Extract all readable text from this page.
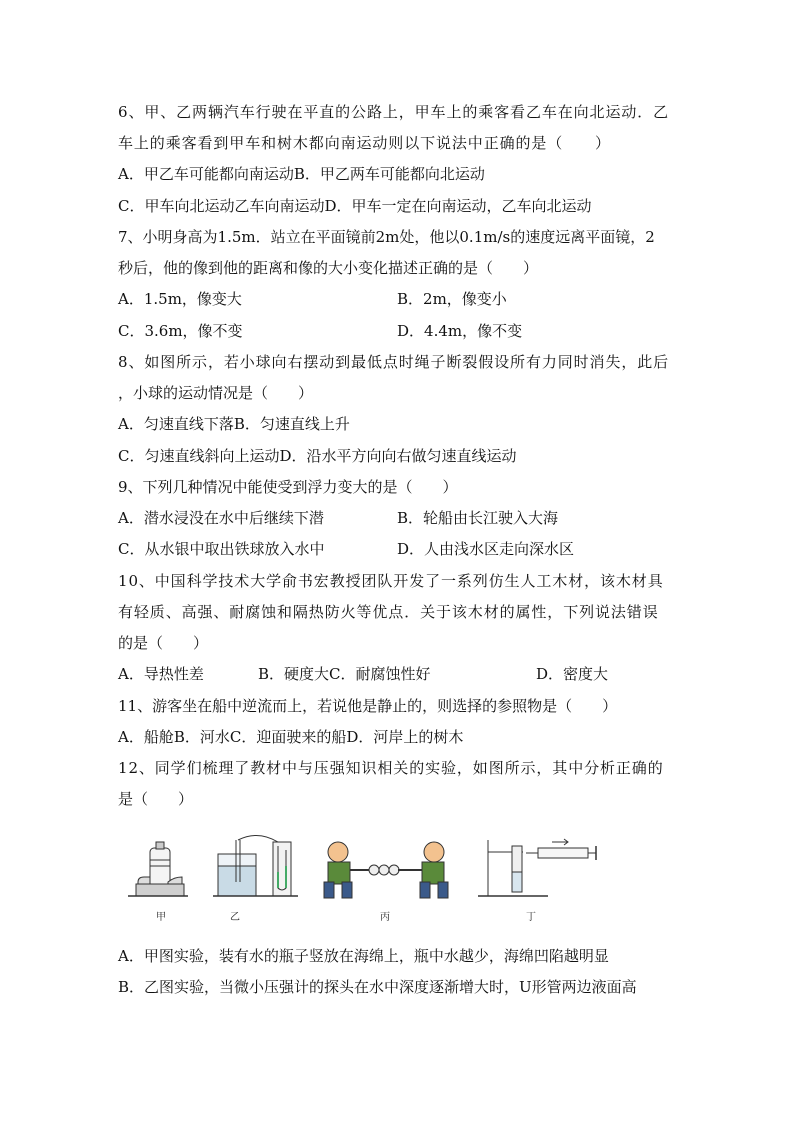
6、甲、乙两辆汽车行驶在平直的公路上，甲车上的乘客看乙车在向北运动．乙
车上的乘客看到甲车和树木都向南运动则以下说法中正确的是（　　）
A．甲乙车可能都向南运动B．甲乙两车可能都向北运动
C．甲车向北运动乙车向南运动D．甲车一定在向南运动，乙车向北运动
7、小明身高为1.5m．站立在平面镜前2m处，他以0.1m/s的速度远离平面镜，2
秒后，他的像到他的距离和像的大小变化描述正确的是（　　）
A．1.5m，像变大	B．2m，像变小
C．3.6m，像不变	D．4.4m，像不变
8、如图所示，若小球向右摆动到最低点时绳子断裂假设所有力同时消失，此后
，小球的运动情况是（　　）
A．匀速直线下落B．匀速直线上升
C．匀速直线斜向上运动D．沿水平方向向右做匀速直线运动
9、下列几种情况中能使受到浮力变大的是（　　）
A．潜水浸没在水中后继续下潜	B．轮船由长江驶入大海
C．从水银中取出铁球放入水中	D．人由浅水区走向深水区
10、中国科学技术大学俞书宏教授团队开发了一系列仿生人工木材，该木材具
有轻质、高强、耐腐蚀和隔热防火等优点．关于该木材的属性，下列说法错误
的是（　　）
A．导热性差	B．硬度大C．耐腐蚀性好	D．密度大
11、游客坐在船中逆流而上，若说他是静止的，则选择的参照物是（　　）
A．船舱B．河水C．迎面驶来的船D．河岸上的树木
12、同学们梳理了教材中与压强知识相关的实验，如图所示，其中分析正确的
是（　　）
甲	乙	丙	丁
A．甲图实验，装有水的瓶子竖放在海绵上，瓶中水越少，海绵凹陷越明显
B．乙图实验，当微小压强计的探头在水中深度逐渐增大时，U形管两边液面高
